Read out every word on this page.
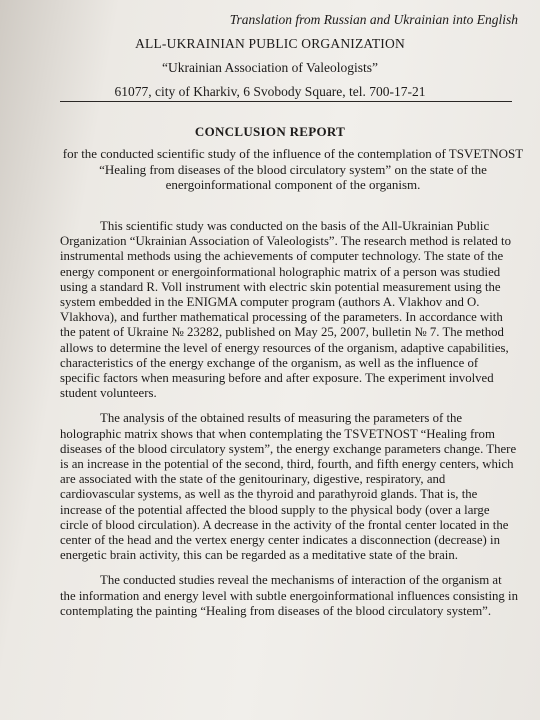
Translation from Russian and Ukrainian into English
ALL-UKRAINIAN PUBLIC ORGANIZATION
“Ukrainian Association of Valeologists”
61077, city of Kharkiv, 6 Svobody Square, tel. 700-17-21
CONCLUSION REPORT
for the conducted scientific study of the influence of the contemplation of TSVETNOST “Healing from diseases of the blood circulatory system” on the state of the energoinformational component of the organism.

This scientific study was conducted on the basis of the All-Ukrainian Public Organization “Ukrainian Association of Valeologists”. The research method is related to instrumental methods using the achievements of computer technology. The state of the energy component or energoinformational holographic matrix of a person was studied using a standard R. Voll instrument with electric skin potential measurement using the system embedded in the ENIGMA computer program (authors A. Vlakhov and O. Vlakhova), and further mathematical processing of the parameters. In accordance with the patent of Ukraine № 23282, published on May 25, 2007, bulletin № 7. The method allows to determine the level of energy resources of the organism, adaptive capabilities, characteristics of the energy exchange of the organism, as well as the influence of specific factors when measuring before and after exposure. The experiment involved student volunteers.

The analysis of the obtained results of measuring the parameters of the holographic matrix shows that when contemplating the TSVETNOST “Healing from diseases of the blood circulatory system”, the energy exchange parameters change. There is an increase in the potential of the second, third, fourth, and fifth energy centers, which are associated with the state of the genitourinary, digestive, respiratory, and cardiovascular systems, as well as the thyroid and parathyroid glands. That is, the increase of the potential affected the blood supply to the physical body (over a large circle of blood circulation). A decrease in the activity of the frontal center located in the center of the head and the vertex energy center indicates a disconnection (decrease) in energetic brain activity, this can be regarded as a meditative state of the brain.

The conducted studies reveal the mechanisms of interaction of the organism at the information and energy level with subtle energoinformational influences consisting in contemplating the painting “Healing from diseases of the blood circulatory system”.
